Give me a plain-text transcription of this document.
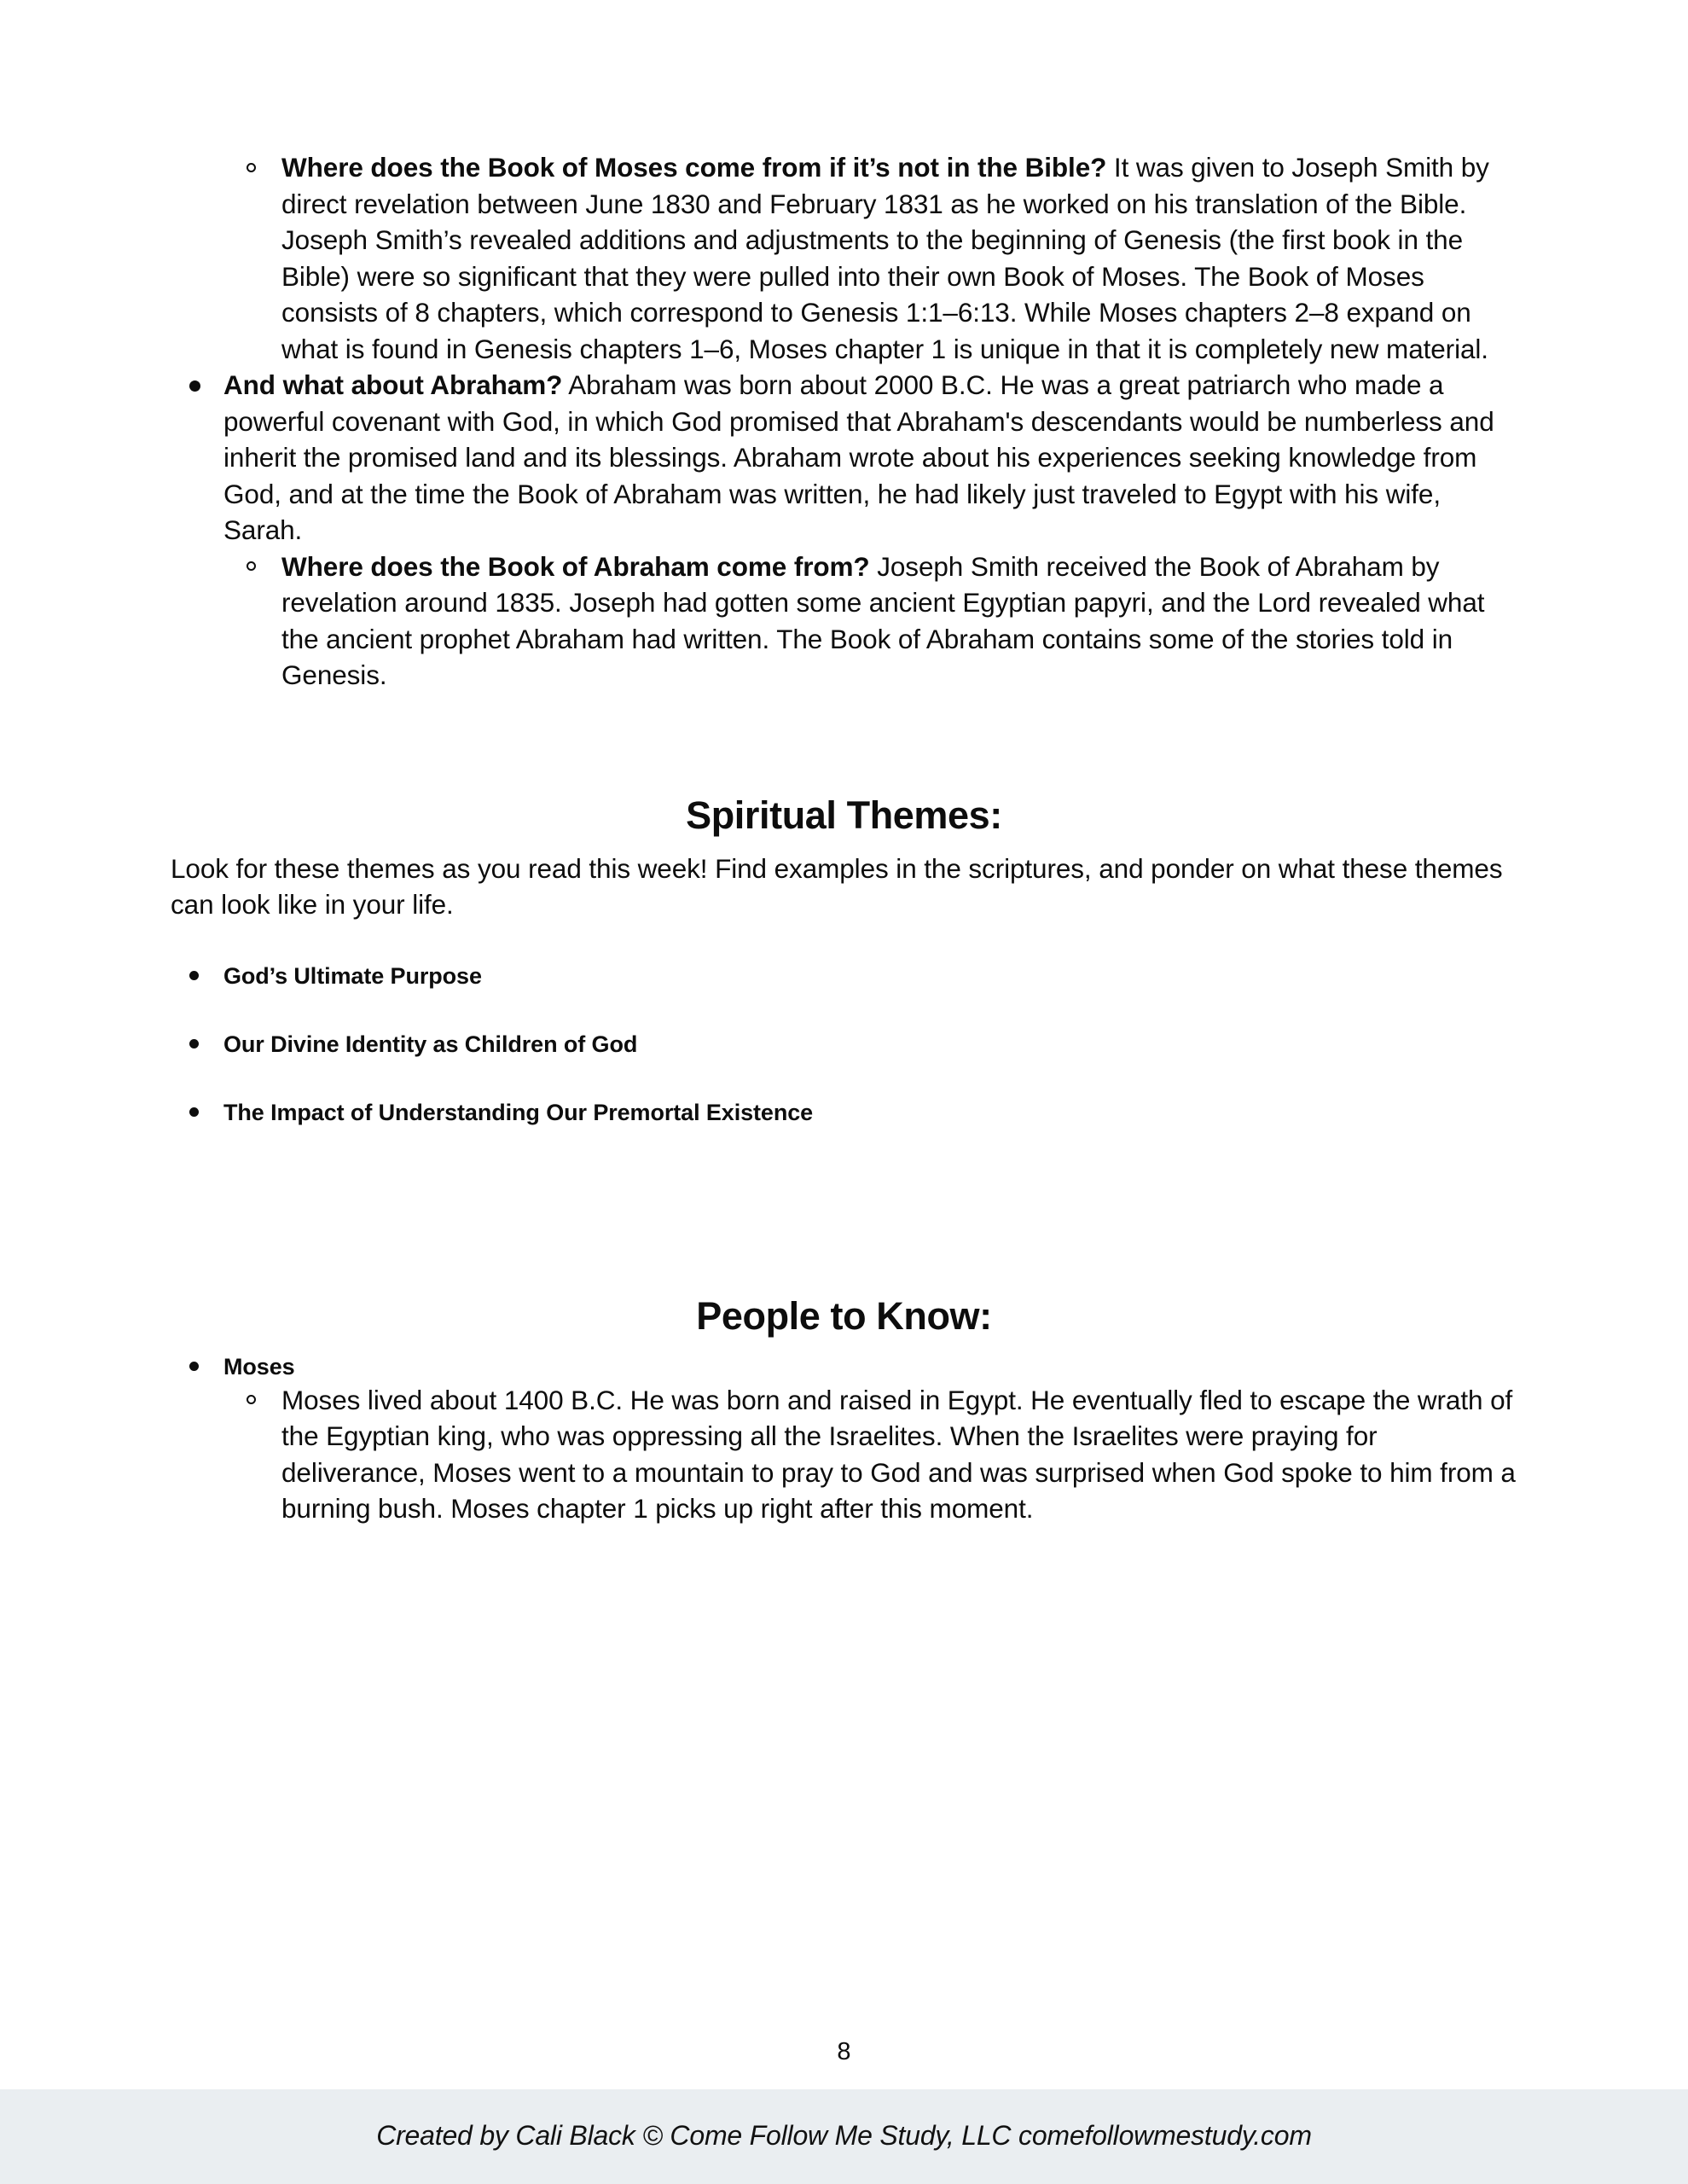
Where does the Book of Moses come from if it’s not in the Bible? It was given to Joseph Smith by direct revelation between June 1830 and February 1831 as he worked on his translation of the Bible. Joseph Smith’s revealed additions and adjustments to the beginning of Genesis (the first book in the Bible) were so significant that they were pulled into their own Book of Moses. The Book of Moses consists of 8 chapters, which correspond to Genesis 1:1–6:13. While Moses chapters 2–8 expand on what is found in Genesis chapters 1–6, Moses chapter 1 is unique in that it is completely new material.
And what about Abraham? Abraham was born about 2000 B.C. He was a great patriarch who made a powerful covenant with God, in which God promised that Abraham's descendants would be numberless and inherit the promised land and its blessings. Abraham wrote about his experiences seeking knowledge from God, and at the time the Book of Abraham was written, he had likely just traveled to Egypt with his wife, Sarah.
Where does the Book of Abraham come from? Joseph Smith received the Book of Abraham by revelation around 1835. Joseph had gotten some ancient Egyptian papyri, and the Lord revealed what the ancient prophet Abraham had written. The Book of Abraham contains some of the stories told in Genesis.
Spiritual Themes:
Look for these themes as you read this week! Find examples in the scriptures, and ponder on what these themes can look like in your life.
God’s Ultimate Purpose
Our Divine Identity as Children of God
The Impact of Understanding Our Premortal Existence
People to Know:
Moses
Moses lived about 1400 B.C. He was born and raised in Egypt. He eventually fled to escape the wrath of the Egyptian king, who was oppressing all the Israelites. When the Israelites were praying for deliverance, Moses went to a mountain to pray to God and was surprised when God spoke to him from a burning bush. Moses chapter 1 picks up right after this moment.
8
Created by Cali Black © Come Follow Me Study, LLC comefollowmestudy.com
